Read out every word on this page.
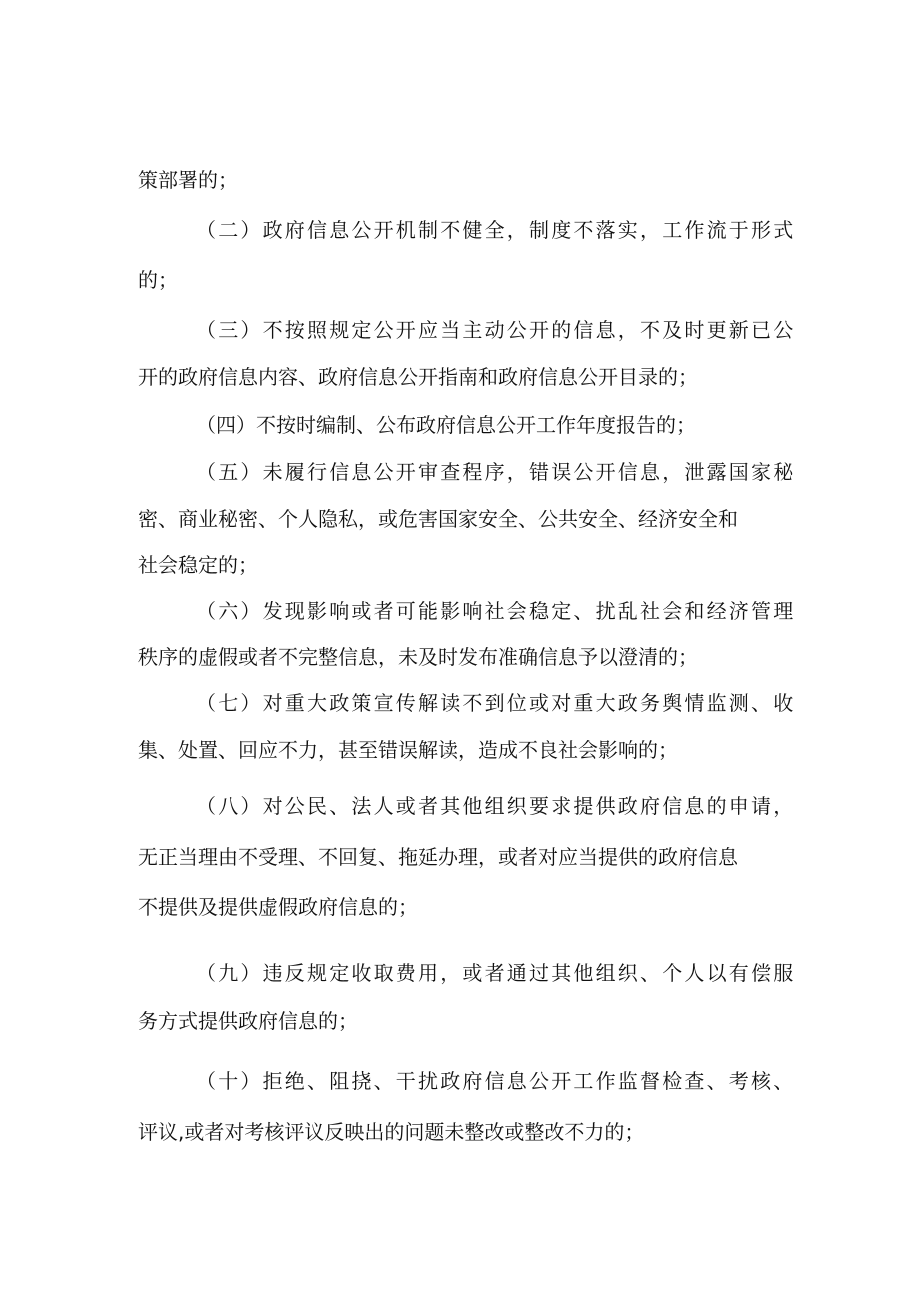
策部署的；
（二）政府信息公开机制不健全，制度不落实，工作流于形式
的；
（三）不按照规定公开应当主动公开的信息，不及时更新已公
开的政府信息内容、政府信息公开指南和政府信息公开目录的；
（四）不按时编制、公布政府信息公开工作年度报告的；
（五）未履行信息公开审查程序，错误公开信息，泄露国家秘
密、商业秘密、个人隐私，或危害国家安全、公共安全、经济安全和
社会稳定的；
（六）发现影响或者可能影响社会稳定、扰乱社会和经济管理
秩序的虚假或者不完整信息，未及时发布准确信息予以澄清的；
（七）对重大政策宣传解读不到位或对重大政务舆情监测、收
集、处置、回应不力，甚至错误解读，造成不良社会影响的；
（八）对公民、法人或者其他组织要求提供政府信息的申请，
无正当理由不受理、不回复、拖延办理，或者对应当提供的政府信息
不提供及提供虚假政府信息的；
（九）违反规定收取费用，或者通过其他组织、个人以有偿服
务方式提供政府信息的；
（十）拒绝、阻挠、干扰政府信息公开工作监督检查、考核、
评议,或者对考核评议反映出的问题未整改或整改不力的；
